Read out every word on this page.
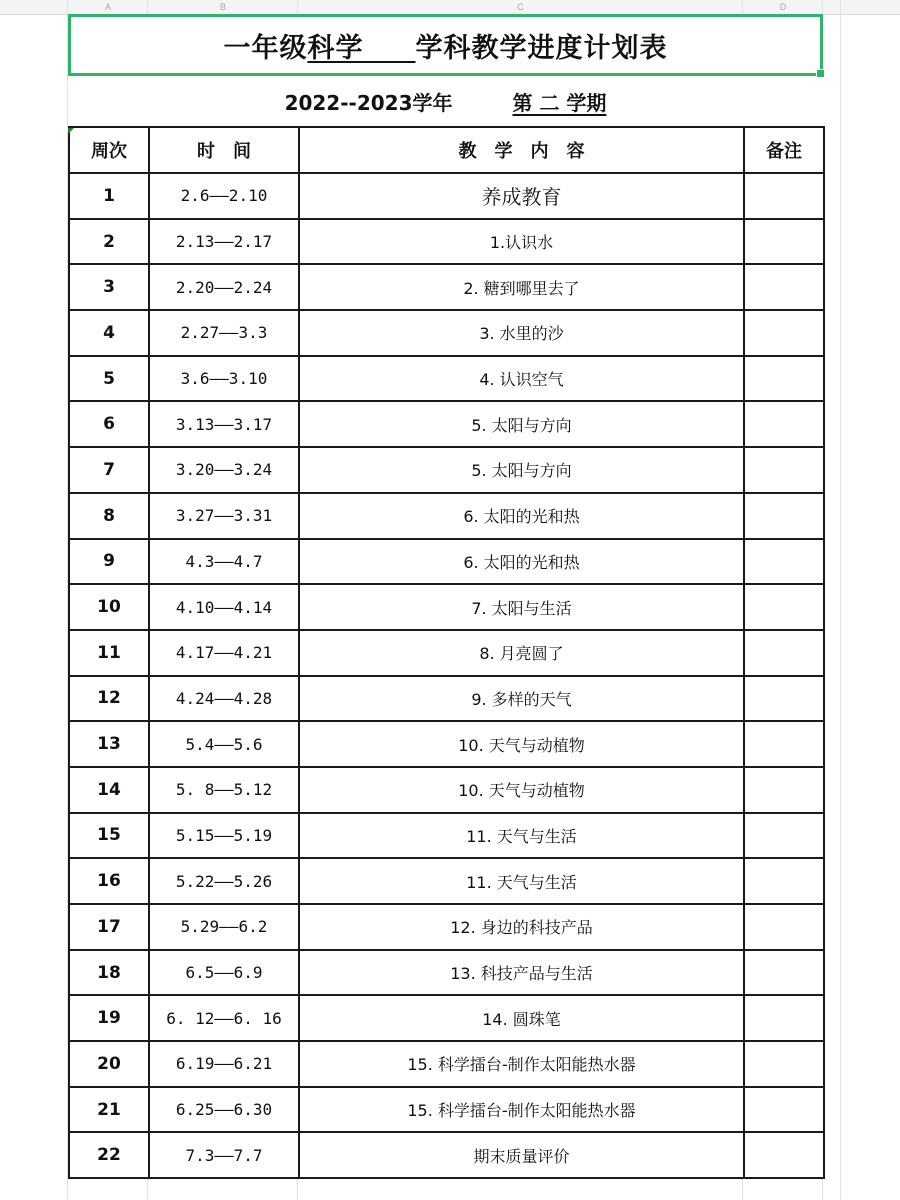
A	B	C	D
一年级科学     学科教学进度计划表
2022--2023学年	第 二 学期
周次	时　间	教　学　内　容	备注
1	2.6——2.10	养成教育	
2	2.13——2.17	1.认识水	
3	2.20——2.24	2. 糖到哪里去了	
4	2.27——3.3	3. 水里的沙	
5	3.6——3.10	4. 认识空气	
6	3.13——3.17	5. 太阳与方向	
7	3.20——3.24	5. 太阳与方向	
8	3.27——3.31	6. 太阳的光和热	
9	4.3——4.7	6. 太阳的光和热	
10	4.10——4.14	7. 太阳与生活	
11	4.17——4.21	8. 月亮圆了	
12	4.24——4.28	9. 多样的天气	
13	5.4——5.6	10. 天气与动植物	
14	5. 8——5.12	10. 天气与动植物	
15	5.15——5.19	11. 天气与生活	
16	5.22——5.26	11. 天气与生活	
17	5.29——6.2	12. 身边的科技产品	
18	6.5——6.9	13. 科技产品与生活	
19	6. 12——6. 16	14. 圆珠笔	
20	6.19——6.21	15. 科学擂台-制作太阳能热水器	
21	6.25——6.30	15. 科学擂台-制作太阳能热水器	
22	7.3——7.7	期末质量评价	
